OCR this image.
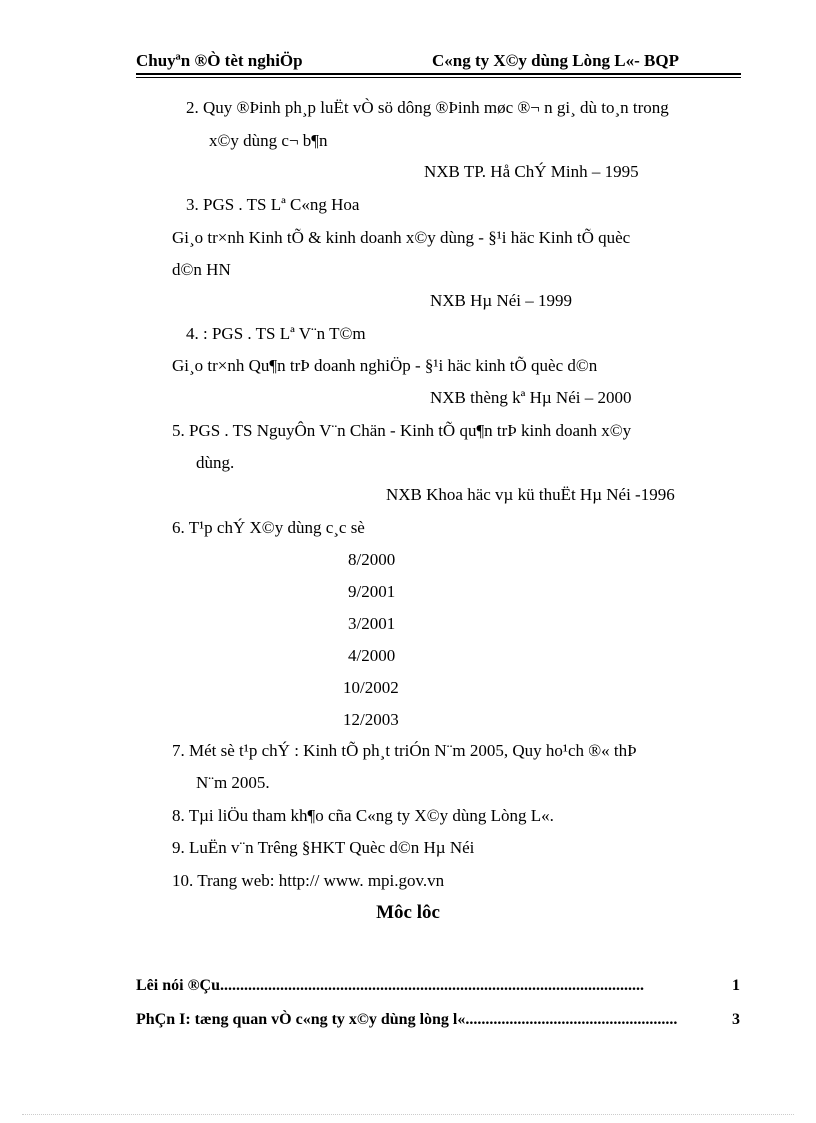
Chuyªn ®Ò tèt nghiÖp	C«ng ty X©y dùng Lòng L«- BQP
2. Quy ®Þinh ph¸p luËt vÒ sö dông ®Þinh møc ®¬ n gi¸ dù to¸n trong
x©y dùng c¬ b¶n
NXB TP. Hå ChÝ Minh – 1995
3. PGS . TS Lª C«ng Hoa
Gi¸o tr×nh Kinh tÕ & kinh doanh x©y dùng - §¹i häc Kinh tÕ quèc
d©n HN
NXB Hµ Néi – 1999
4. : PGS . TS Lª V¨n T©m
Gi¸o tr×nh Qu¶n trÞ doanh nghiÖp - §¹i häc kinh tÕ quèc d©n
NXB thèng kª Hµ Néi – 2000
5. PGS . TS NguyÔn V¨n Chän - Kinh tÕ qu¶n trÞ kinh doanh x©y
dùng.
NXB Khoa häc vµ kü thuËt Hµ Néi -1996
6. T¹p chÝ X©y dùng c¸c sè
8/2000
9/2001
3/2001
4/2000
10/2002
12/2003
7. Mét sè t¹p chÝ : Kinh tÕ ph¸t triÓn N¨m 2005, Quy ho¹ch ®« thÞ
N¨m 2005.
8. Tµi liÖu tham kh¶o cña C«ng ty X©y dùng Lòng L«.
9. LuËn v¨n Trêng §HKT Quèc d©n Hµ Néi
10. Trang web: http:// www. mpi.gov.vn
Môc lôc
Lêi nói ®Çu ..........................................................................................................	1
PhÇn I: tæng quan vÒ c«ng ty x©y dùng lòng l« .....................................................	3
